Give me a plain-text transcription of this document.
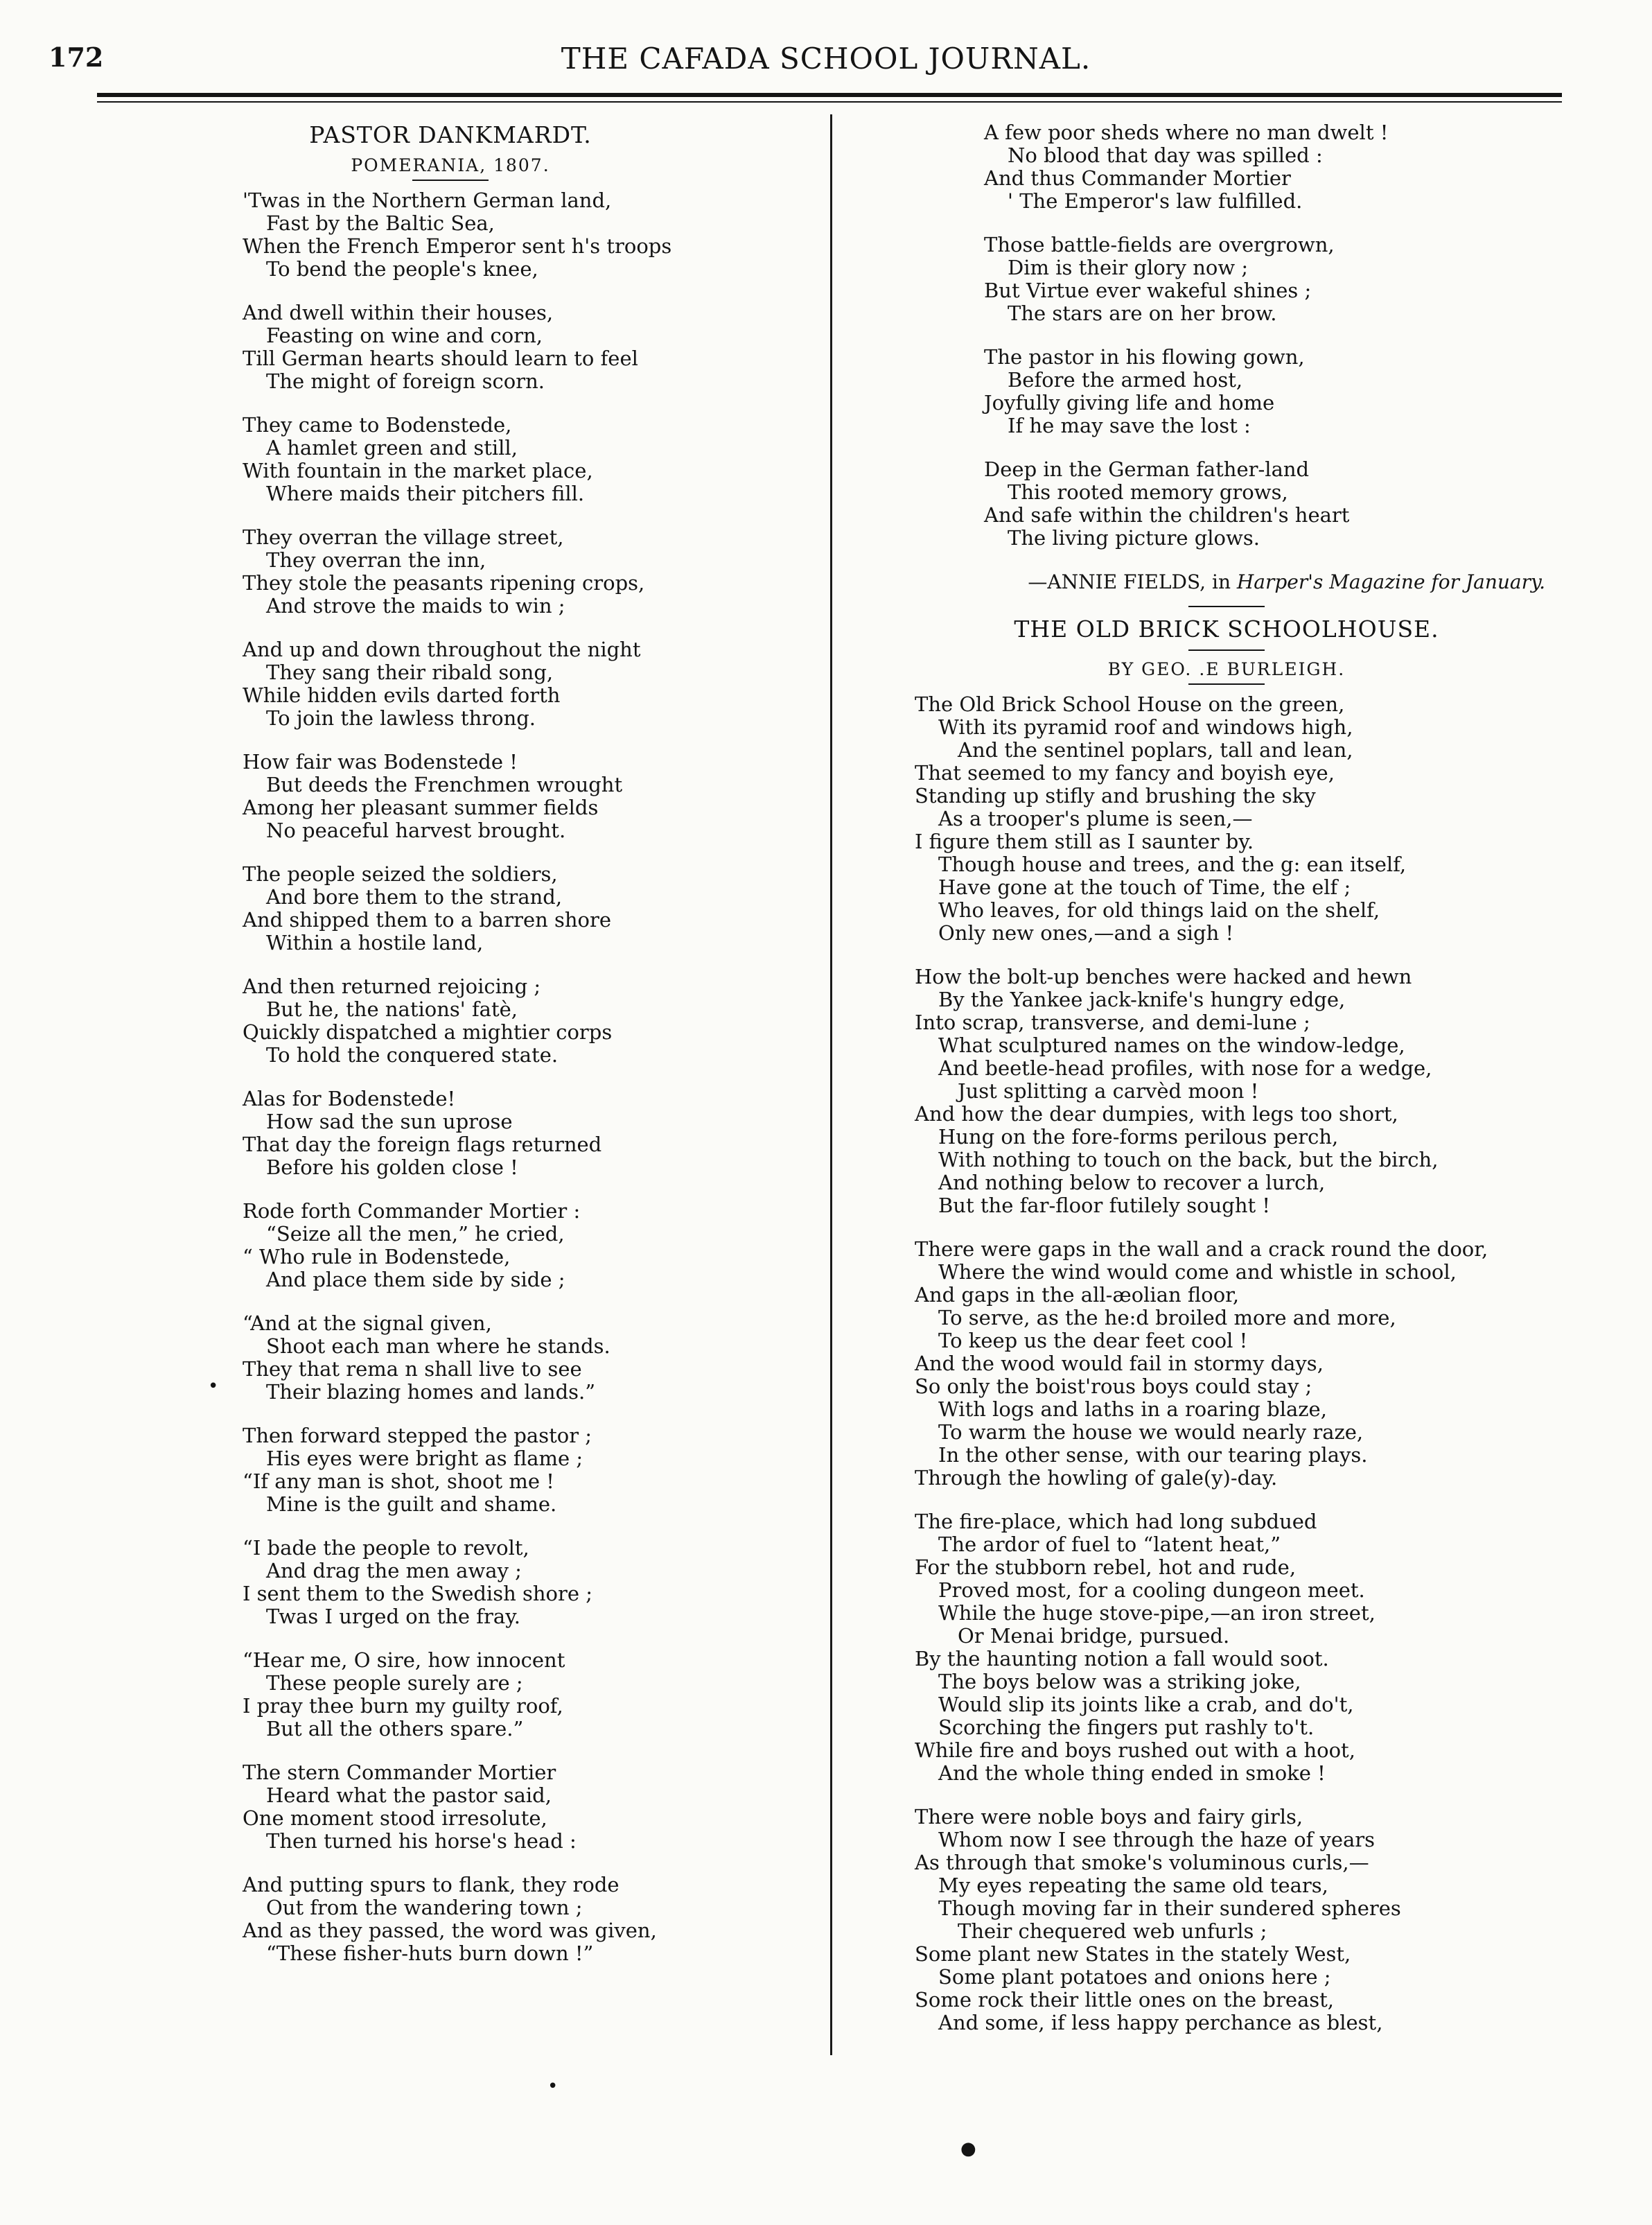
172	THE CAFADA SCHOOL JOURNAL.
PASTOR DANKMARDT.
POMERANIA, 1807.
'Twas in the Northern German land,
Fast by the Baltic Sea,
When the French Emperor sent h's troops
To bend the people's knee,
And dwell within their houses,
Feasting on wine and corn,
Till German hearts should learn to feel
The might of foreign scorn.
They came to Bodenstede,
A hamlet green and still,
With fountain in the market place,
Where maids their pitchers fill.
They overran the village street,
They overran the inn,
They stole the peasants ripening crops,
And strove the maids to win ;
And up and down throughout the night
They sang their ribald song,
While hidden evils darted forth
To join the lawless throng.
How fair was Bodenstede !
But deeds the Frenchmen wrought
Among her pleasant summer fields
No peaceful harvest brought.
The people seized the soldiers,
And bore them to the strand,
And shipped them to a barren shore
Within a hostile land,
And then returned rejoicing ;
But he, the nations' fatè,
Quickly dispatched a mightier corps
To hold the conquered state.
Alas for Bodenstede!
How sad the sun uprose
That day the foreign flags returned
Before his golden close !
Rode forth Commander Mortier :
“Seize all the men,” he cried,
“ Who rule in Bodenstede,
And place them side by side ;
“And at the signal given,
Shoot each man where he stands.
They that rema n shall live to see
Their blazing homes and lands.”
Then forward stepped the pastor ;
His eyes were bright as flame ;
“If any man is shot, shoot me !
Mine is the guilt and shame.
“I bade the people to revolt,
And drag the men away ;
I sent them to the Swedish shore ;
Twas I urged on the fray.
“Hear me, O sire, how innocent
These people surely are ;
I pray thee burn my guilty roof,
But all the others spare.”
The stern Commander Mortier
Heard what the pastor said,
One moment stood irresolute,
Then turned his horse's head :
And putting spurs to flank, they rode
Out from the wandering town ;
And as they passed, the word was given,
“These fisher-huts burn down !”
A few poor sheds where no man dwelt !
No blood that day was spilled :
And thus Commander Mortier
' The Emperor's law fulfilled.
Those battle-fields are overgrown,
Dim is their glory now ;
But Virtue ever wakeful shines ;
The stars are on her brow.
The pastor in his flowing gown,
Before the armed host,
Joyfully giving life and home
If he may save the lost :
Deep in the German father-land
This rooted memory grows,
And safe within the children's heart
The living picture glows.
—ANNIE FIELDS, in Harper's Magazine for January.
THE OLD BRICK SCHOOLHOUSE.
BY GEO. .E BURLEIGH.
The Old Brick School House on the green,
With its pyramid roof and windows high,
And the sentinel poplars, tall and lean,
That seemed to my fancy and boyish eye,
Standing up stifly and brushing the sky
As a trooper's plume is seen,—
I figure them still as I saunter by.
Though house and trees, and the g: ean itself,
Have gone at the touch of Time, the elf ;
Who leaves, for old things laid on the shelf,
Only new ones,—and a sigh !
How the bolt-up benches were hacked and hewn
By the Yankee jack-knife's hungry edge,
Into scrap, transverse, and demi-lune ;
What sculptured names on the window-ledge,
And beetle-head profiles, with nose for a wedge,
Just splitting a carvèd moon !
And how the dear dumpies, with legs too short,
Hung on the fore-forms perilous perch,
With nothing to touch on the back, but the birch,
And nothing below to recover a lurch,
But the far-floor futilely sought !
There were gaps in the wall and a crack round the door,
Where the wind would come and whistle in school,
And gaps in the all-æolian floor,
To serve, as the he:d broiled more and more,
To keep us the dear feet cool !
And the wood would fail in stormy days,
So only the boist'rous boys could stay ;
With logs and laths in a roaring blaze,
To warm the house we would nearly raze,
In the other sense, with our tearing plays.
Through the howling of gale(y)-day.
The fire-place, which had long subdued
The ardor of fuel to “latent heat,”
For the stubborn rebel, hot and rude,
Proved most, for a cooling dungeon meet.
While the huge stove-pipe,—an iron street,
Or Menai bridge, pursued.
By the haunting notion a fall would soot.
The boys below was a striking joke,
Would slip its joints like a crab, and do't,
Scorching the fingers put rashly to't.
While fire and boys rushed out with a hoot,
And the whole thing ended in smoke !
There were noble boys and fairy girls,
Whom now I see through the haze of years
As through that smoke's voluminous curls,—
My eyes repeating the same old tears,
Though moving far in their sundered spheres
Their chequered web unfurls ;
Some plant new States in the stately West,
Some plant potatoes and onions here ;
Some rock their little ones on the breast,
And some, if less happy perchance as blest,
•
•
●
